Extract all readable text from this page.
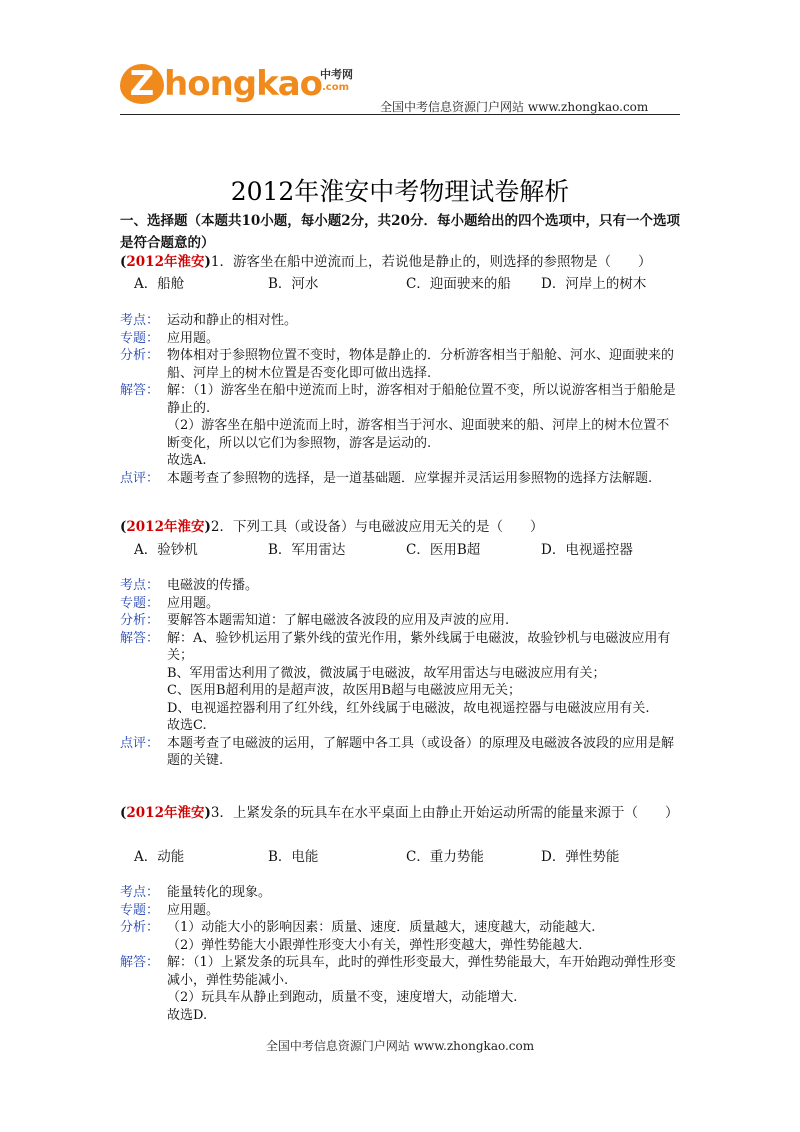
Z hongkao
中考网
.com
全国中考信息资源门户网站 www.zhongkao.com
2012年淮安中考物理试卷解析
一、选择题（本题共10小题，每小题2分，共20分．每小题给出的四个选项中，只有一个选项是符合题意的）
(2012年淮安)1．游客坐在船中逆流而上，若说他是静止的，则选择的参照物是（　　）
A．船舱	B．河水	C．迎面驶来的船 D．河岸上的树木
考点： 运动和静止的相对性。
专题： 应用题。
分析： 物体相对于参照物位置不变时，物体是静止的．分析游客相当于船舱、河水、迎面驶来的船、河岸上的树木位置是否变化即可做出选择.
解答： 解：（1）游客坐在船中逆流而上时，游客相对于船舱位置不变，所以说游客相当于船舱是静止的.
（2）游客坐在船中逆流而上时，游客相当于河水、迎面驶来的船、河岸上的树木位置不断变化，所以以它们为参照物，游客是运动的.
故选A.
点评： 本题考查了参照物的选择，是一道基础题．应掌握并灵活运用参照物的选择方法解题.
(2012年淮安)2．下列工具（或设备）与电磁波应用无关的是（　　）
A．验钞机	B．军用雷达	C．医用B超	D．电视遥控器
考点： 电磁波的传播。
专题： 应用题。
分析： 要解答本题需知道：了解电磁波各波段的应用及声波的应用.
解答： 解：A、验钞机运用了紫外线的萤光作用，紫外线属于电磁波，故验钞机与电磁波应用有关；
B、军用雷达利用了微波，微波属于电磁波，故军用雷达与电磁波应用有关；
C、医用B超利用的是超声波，故医用B超与电磁波应用无关；
D、电视遥控器利用了红外线，红外线属于电磁波，故电视遥控器与电磁波应用有关.
故选C.
点评： 本题考查了电磁波的运用，了解题中各工具（或设备）的原理及电磁波各波段的应用是解题的关键.
(2012年淮安)3．上紧发条的玩具车在水平桌面上由静止开始运动所需的能量来源于（　　）
A．动能	B．电能	C．重力势能	D．弹性势能
考点： 能量转化的现象。
专题： 应用题。
分析： （1）动能大小的影响因素：质量、速度．质量越大，速度越大，动能越大.
（2）弹性势能大小跟弹性形变大小有关，弹性形变越大，弹性势能越大.
解答： 解：（1）上紧发条的玩具车，此时的弹性形变最大，弹性势能最大，车开始跑动弹性形变减小，弹性势能减小.
（2）玩具车从静止到跑动，质量不变，速度增大，动能增大.
故选D.
全国中考信息资源门户网站 www.zhongkao.com
